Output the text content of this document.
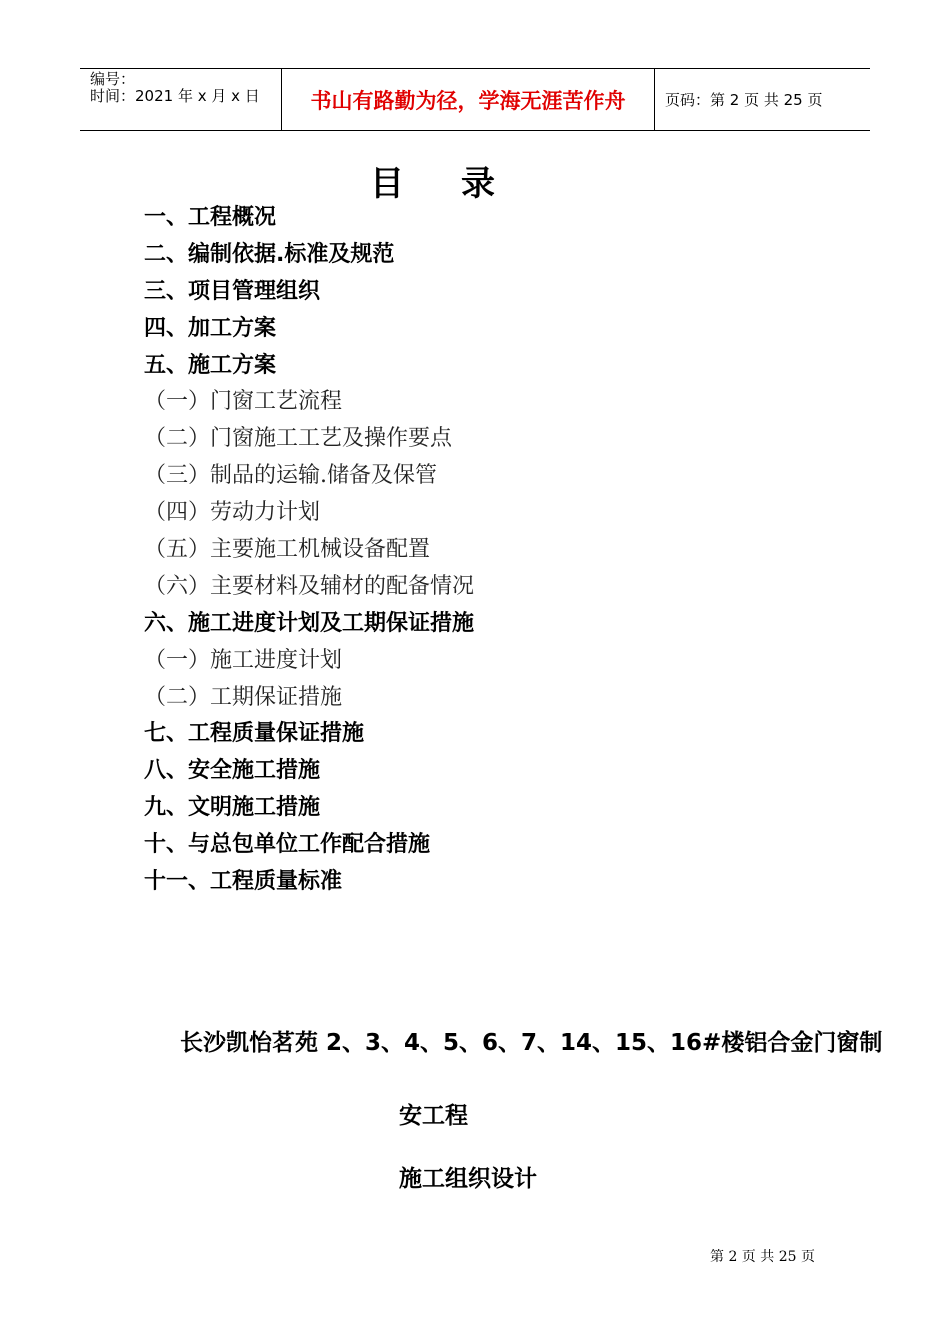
编号：
时间：2021 年 x 月 x 日	书山有路勤为径，学海无涯苦作舟	页码：第 2 页 共 25 页
目 录
一、工程概况
二、编制依据.标准及规范
三、项目管理组织
四、加工方案
五、施工方案
（一）门窗工艺流程
（二）门窗施工工艺及操作要点
（三）制品的运输.储备及保管
（四）劳动力计划
（五）主要施工机械设备配置
（六）主要材料及辅材的配备情况
六、施工进度计划及工期保证措施
（一）施工进度计划
（二）工期保证措施
七、工程质量保证措施
八、安全施工措施
九、文明施工措施
十、与总包单位工作配合措施
十一、工程质量标准
长沙凯怡茗苑 2、3、4、5、6、7、14、15、16#楼铝合金门窗制
安工程
施工组织设计
第 2 页 共 25 页
